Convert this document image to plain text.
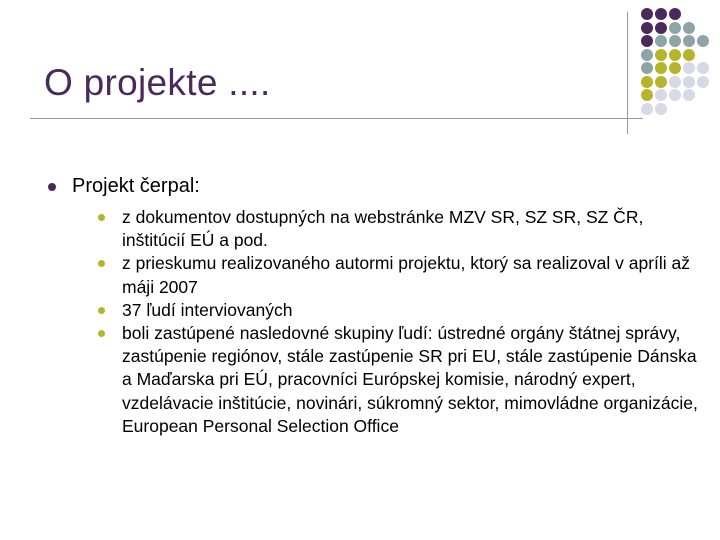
O projekte ....
Projekt čerpal:
z dokumentov dostupných na webstránke MZV SR, SZ SR, SZ ČR, inštitúcií EÚ a pod.
z prieskumu realizovaného autormi projektu, ktorý sa realizoval v apríli až máji 2007
37 ľudí interviovaných
boli zastúpené nasledovné skupiny ľudí: ústredné orgány štátnej správy, zastúpenie regiónov, stále zastúpenie SR pri EU, stále zastúpenie Dánska a Maďarska pri EÚ, pracovníci Európskej komisie, národný expert, vzdelávacie inštitúcie, novinári, súkromný sektor, mimovládne organizácie, European Personal Selection Office
